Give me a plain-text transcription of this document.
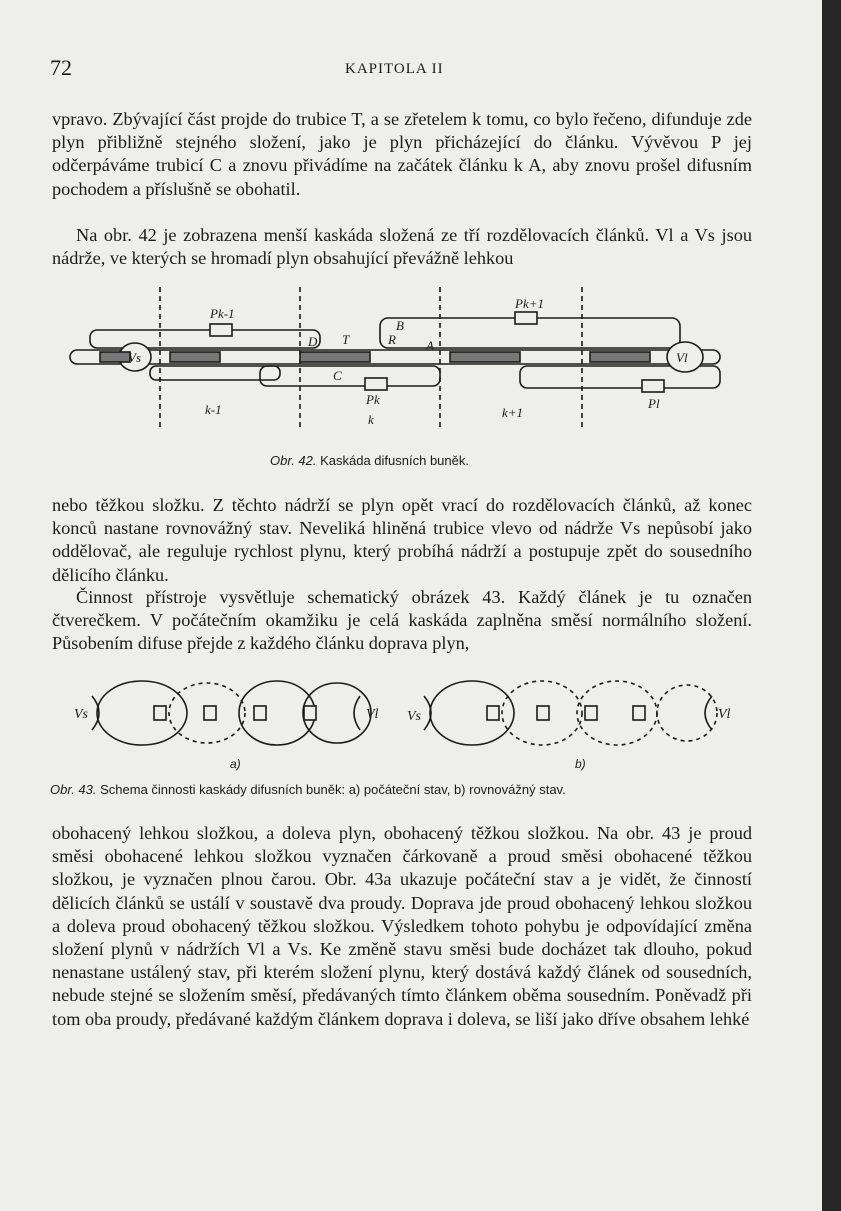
72	KAPITOLA II

vpravo. Zbývající část projde do trubice T, a se zřetelem k tomu, co bylo řečeno, difunduje zde plyn přibližně stejného složení, jako je plyn přicházející do článku. Vývěvou P jej odčerpáváme trubicí C a znovu přivádíme na začátek článku k A, aby znovu prošel difusním pochodem a příslušně se obohatil.

Na obr. 42 je zobrazena menší kaskáda složená ze tří rozdělovacích článků. Vl a Vs jsou nádrže, ve kterých se hromadí plyn obsahující převážně lehkou

Vs	Vl
Pk-1
Pk+1
Pk	Pl
D T
B
R A
C
k-1
k	k+1
Obr. 42. Kaskáda difusních buněk.

nebo těžkou složku. Z těchto nádrží se plyn opět vrací do rozdělovacích článků, až konec konců nastane rovnovážný stav. Neveliká hliněná trubice vlevo od nádrže Vs nepůsobí jako oddělovač, ale reguluje rychlost plynu, který probíhá nádrží a postupuje zpět do sousedního dělicího článku.

Činnost přístroje vysvětluje schematický obrázek 43. Každý článek je tu označen čtverečkem. V počátečním okamžiku je celá kaskáda zaplněna směsí normálního složení. Působením difuse přejde z každého článku doprava plyn,

Vs	Vl Vs	Vl
a)	b)
Obr. 43. Schema činnosti kaskády difusních buněk: a) počáteční stav, b) rovnovážný stav.

obohacený lehkou složkou, a doleva plyn, obohacený těžkou složkou. Na obr. 43 je proud směsi obohacené lehkou složkou vyznačen čárkovaně a proud směsi obohacené těžkou složkou, je vyznačen plnou čarou. Obr. 43a ukazuje počáteční stav a je vidět, že činností dělicích článků se ustálí v soustavě dva proudy. Doprava jde proud obohacený lehkou složkou a doleva proud obohacený těžkou složkou. Výsledkem tohoto pohybu je odpovídající změna složení plynů v nádržích Vl a Vs. Ke změně stavu směsi bude docházet tak dlouho, pokud nenastane ustálený stav, při kterém složení plynu, který dostává každý článek od sousedních, nebude stejné se složením směsí, předávaných tímto článkem oběma sousedním. Poněvadž při tom oba proudy, předávané každým článkem doprava i doleva, se liší jako dříve obsahem lehké
